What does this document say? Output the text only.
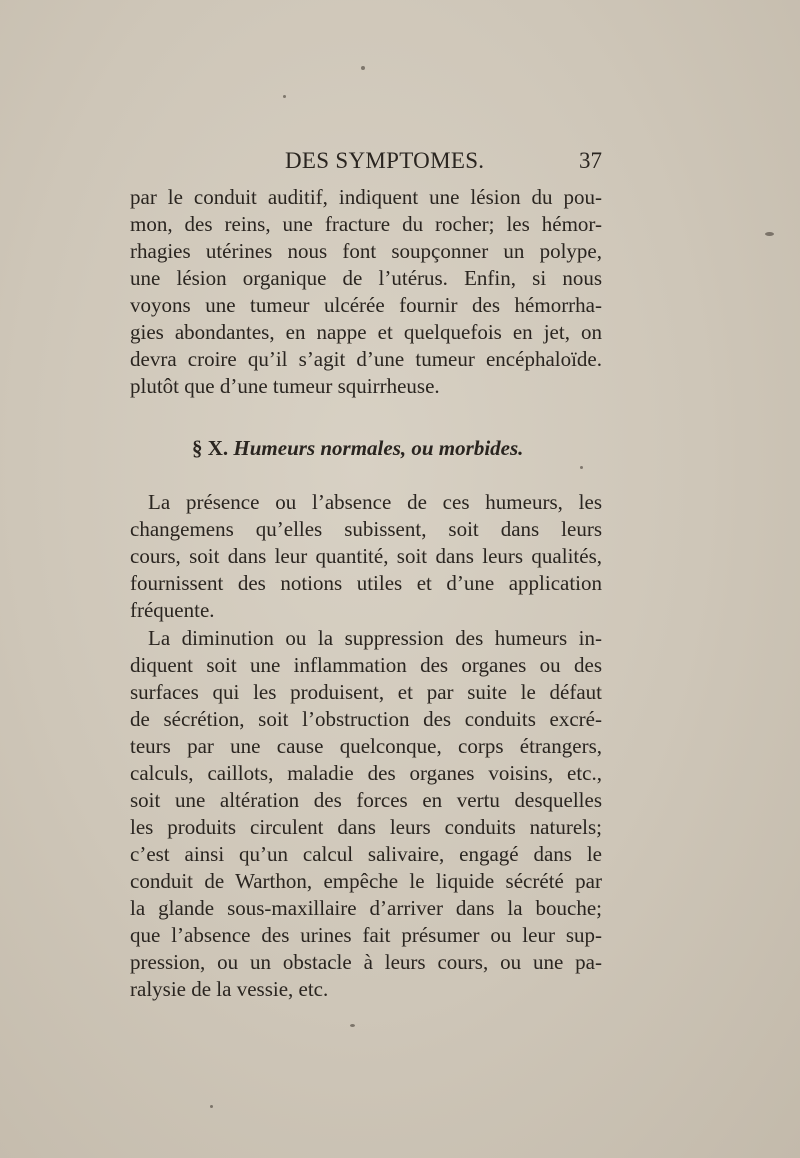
DES SYMPTOMES.	37
par le conduit auditif, indiquent une lésion du pou-
mon, des reins, une fracture du rocher; les hémor-
rhagies utérines nous font soupçonner un polype,
une lésion organique de l’utérus. Enfin, si nous
voyons une tumeur ulcérée fournir des hémorrha-
gies abondantes, en nappe et quelquefois en jet, on
devra croire qu’il s’agit d’une tumeur encéphaloïde.
plutôt que d’une tumeur squirrheuse.
§ X. Humeurs normales, ou morbides.
La présence ou l’absence de ces humeurs, les
changemens qu’elles subissent, soit dans leurs
cours, soit dans leur quantité, soit dans leurs qualités,
fournissent des notions utiles et d’une application
fréquente.
La diminution ou la suppression des humeurs in-
diquent soit une inflammation des organes ou des
surfaces qui les produisent, et par suite le défaut
de sécrétion, soit l’obstruction des conduits excré-
teurs par une cause quelconque, corps étrangers,
calculs, caillots, maladie des organes voisins, etc.,
soit une altération des forces en vertu desquelles
les produits circulent dans leurs conduits naturels;
c’est ainsi qu’un calcul salivaire, engagé dans le
conduit de Warthon, empêche le liquide sécrété par
la glande sous-maxillaire d’arriver dans la bouche;
que l’absence des urines fait présumer ou leur sup-
pression, ou un obstacle à leurs cours, ou une pa-
ralysie de la vessie, etc.
